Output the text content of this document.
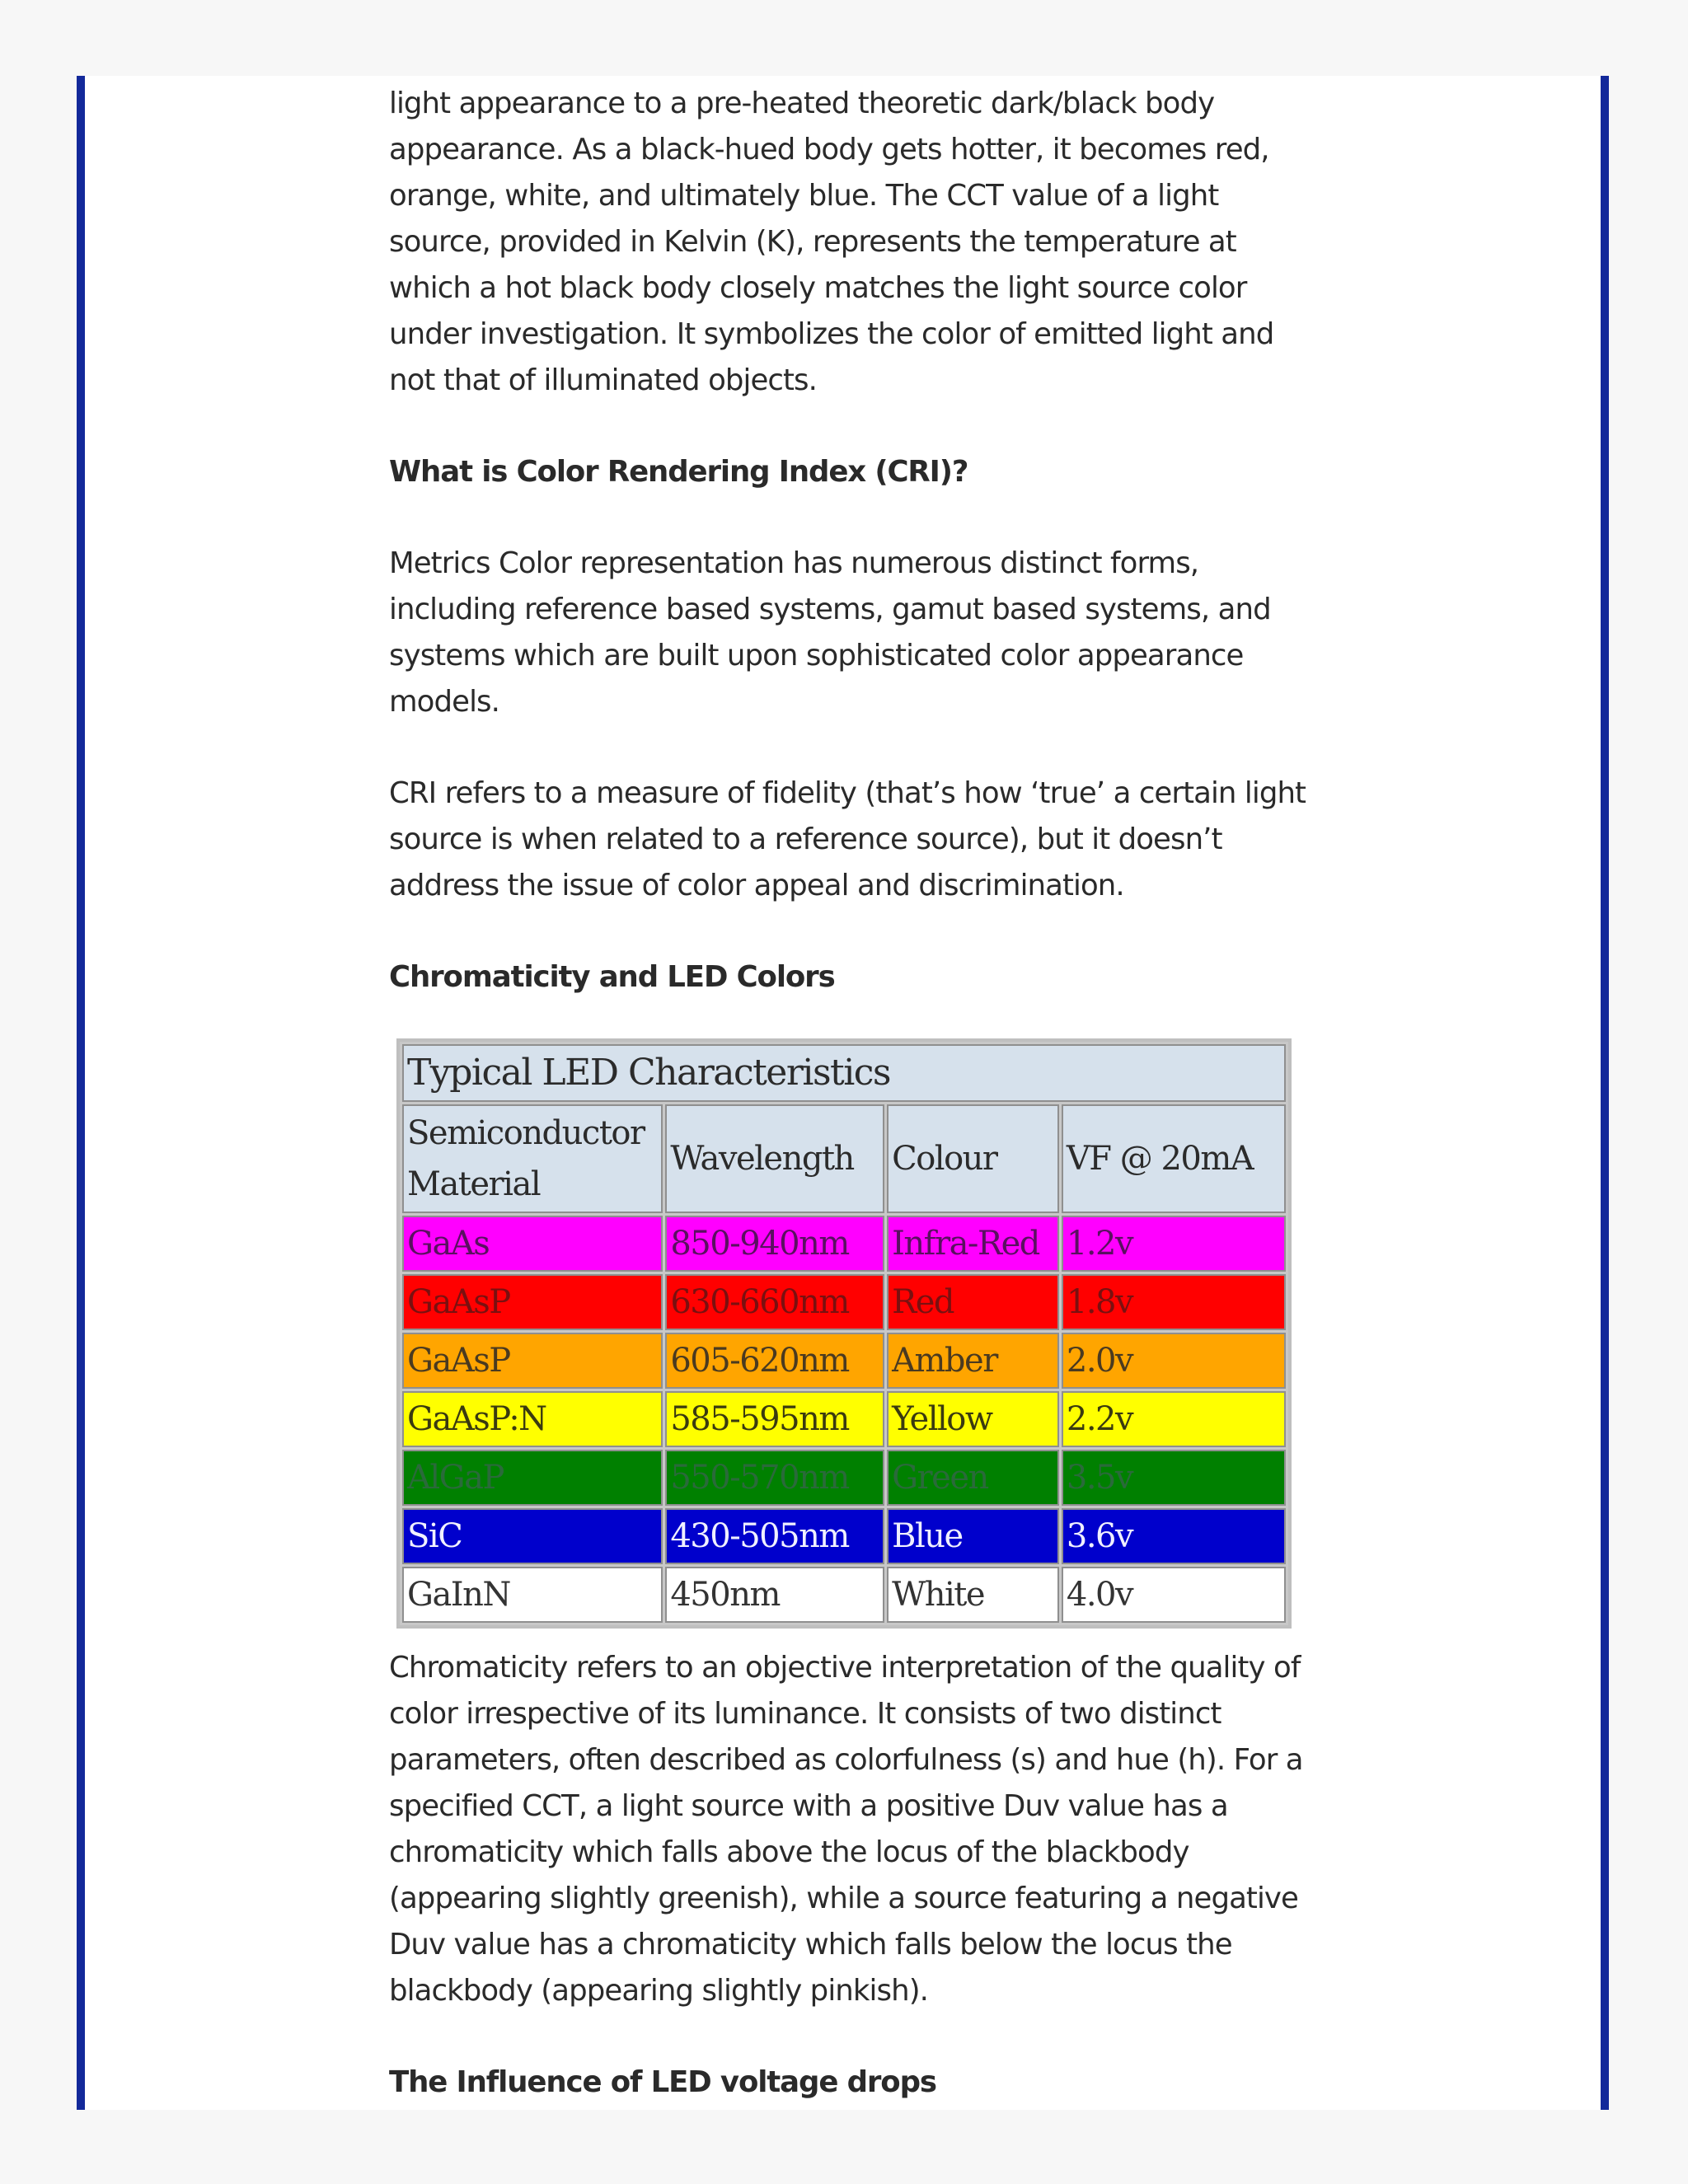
light appearance to a pre-heated theoretic dark/black body appearance. As a black-hued body gets hotter, it becomes red, orange, white, and ultimately blue. The CCT value of a light source, provided in Kelvin (K), represents the temperature at which a hot black body closely matches the light source color under investigation. It symbolizes the color of emitted light and not that of illuminated objects.

What is Color Rendering Index (CRI)?

Metrics Color representation has numerous distinct forms, including reference based systems, gamut based systems, and systems which are built upon sophisticated color appearance models.

CRI refers to a measure of fidelity (that’s how ‘true’ a certain light source is when related to a reference source), but it doesn’t address the issue of color appeal and discrimination.

Chromaticity and LED Colors
Typical LED Characteristics			
Semiconductor Material	Wavelength	Colour	VF @ 20mA
GaAs	850-940nm	Infra-Red	1.2v
GaAsP	630-660nm	Red	1.8v
GaAsP	605-620nm	Amber	2.0v
GaAsP:N	585-595nm	Yellow	2.2v
AlGaP	550-570nm	Green	3.5v
SiC	430-505nm	Blue	3.6v
GaInN	450nm	White	4.0v

Chromaticity refers to an objective interpretation of the quality of color irrespective of its luminance. It consists of two distinct parameters, often described as colorfulness (s) and hue (h). For a specified CCT, a light source with a positive Duv value has a chromaticity which falls above the locus of the blackbody (appearing slightly greenish), while a source featuring a negative Duv value has a chromaticity which falls below the locus the blackbody (appearing slightly pinkish).

The Influence of LED voltage drops
